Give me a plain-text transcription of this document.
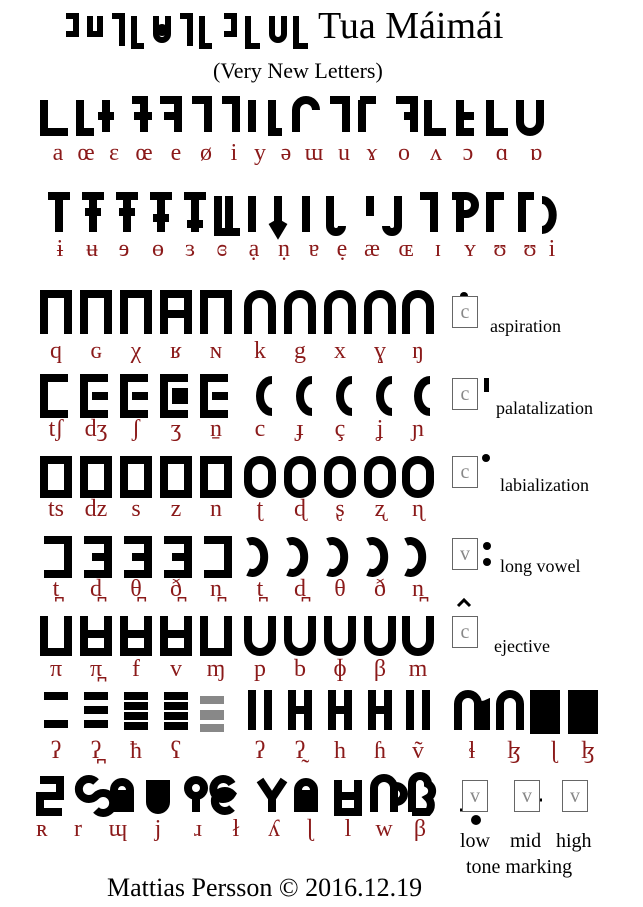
Tua Máimái
(Very New Letters)
a œ ɛ œ e ø i y ə ɯ u ɤ o ʌ ɔ ɑ ɒ
ɨ ʉ ɘ ɵ ɜ ɞ ạ ṇ ɐ ẹ æ ɶ ɪ ʏ ʊ ʊ i
q	ɢ	χ	ʁ	ɴ	k	g	x	ɣ	ŋ
tʃ dʒ	ʃ	ʒ	n̠	c	ɟ	ç	ʝ	ɲ
ts dz	s	z	n	ʈ	ɖ	ʂ	ʐ	ɳ
t̪	d̪	θ̪	ð̪	n̪	t̪	d̪	θ	ð	n̪
π	π̪	f	v	ɱ	p	b	ɸ	β m
ʔ	ʔ̪	ħ	ʕ	ʔ	ʔ̰	h	ɦ	ṽ	ɬ	ɮ	ɭ ɮ
ʀ	r	ɰ	j	ɹ	ł	ʎ	ɭ	l	w β
c
aspiration
c
palatalization
c
labialization
v
long vowel
c
ejective
v	v	v
low mid high
tone marking
Mattias Persson © 2016.12.19
